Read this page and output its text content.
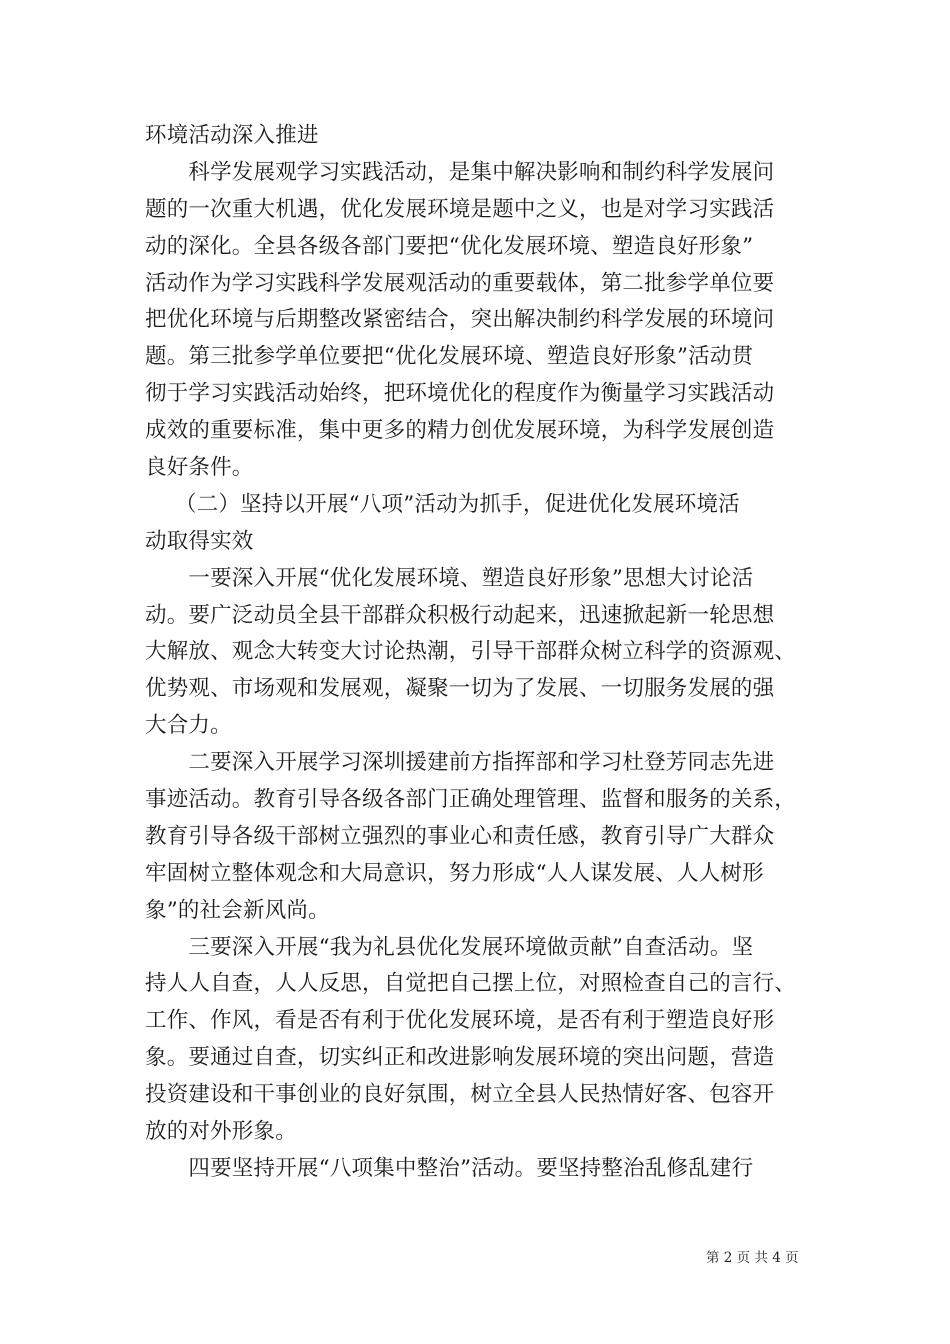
环境活动深入推进
　　科学发展观学习实践活动，是集中解决影响和制约科学发展问
题的一次重大机遇，优化发展环境是题中之义，也是对学习实践活
动的深化。全县各级各部门要把“优化发展环境、塑造良好形象”
活动作为学习实践科学发展观活动的重要载体，第二批参学单位要
把优化环境与后期整改紧密结合，突出解决制约科学发展的环境问
题。第三批参学单位要把“优化发展环境、塑造良好形象”活动贯
彻于学习实践活动始终，把环境优化的程度作为衡量学习实践活动
成效的重要标准，集中更多的精力创优发展环境，为科学发展创造
良好条件。
（二）坚持以开展“八项”活动为抓手，促进优化发展环境活
动取得实效
　　一要深入开展“优化发展环境、塑造良好形象”思想大讨论活
动。要广泛动员全县干部群众积极行动起来，迅速掀起新一轮思想
大解放、观念大转变大讨论热潮，引导干部群众树立科学的资源观、
优势观、市场观和发展观，凝聚一切为了发展、一切服务发展的强
大合力。
　　二要深入开展学习深圳援建前方指挥部和学习杜登芳同志先进
事迹活动。教育引导各级各部门正确处理管理、监督和服务的关系，
教育引导各级干部树立强烈的事业心和责任感，教育引导广大群众
牢固树立整体观念和大局意识，努力形成“人人谋发展、人人树形
象”的社会新风尚。
　　三要深入开展“我为礼县优化发展环境做贡献”自查活动。坚
持人人自查，人人反思，自觉把自己摆上位，对照检查自己的言行、
工作、作风，看是否有利于优化发展环境，是否有利于塑造良好形
象。要通过自查，切实纠正和改进影响发展环境的突出问题，营造
投资建设和干事创业的良好氛围，树立全县人民热情好客、包容开
放的对外形象。
　　四要坚持开展“八项集中整治”活动。要坚持整治乱修乱建行
第 2 页 共 4 页
